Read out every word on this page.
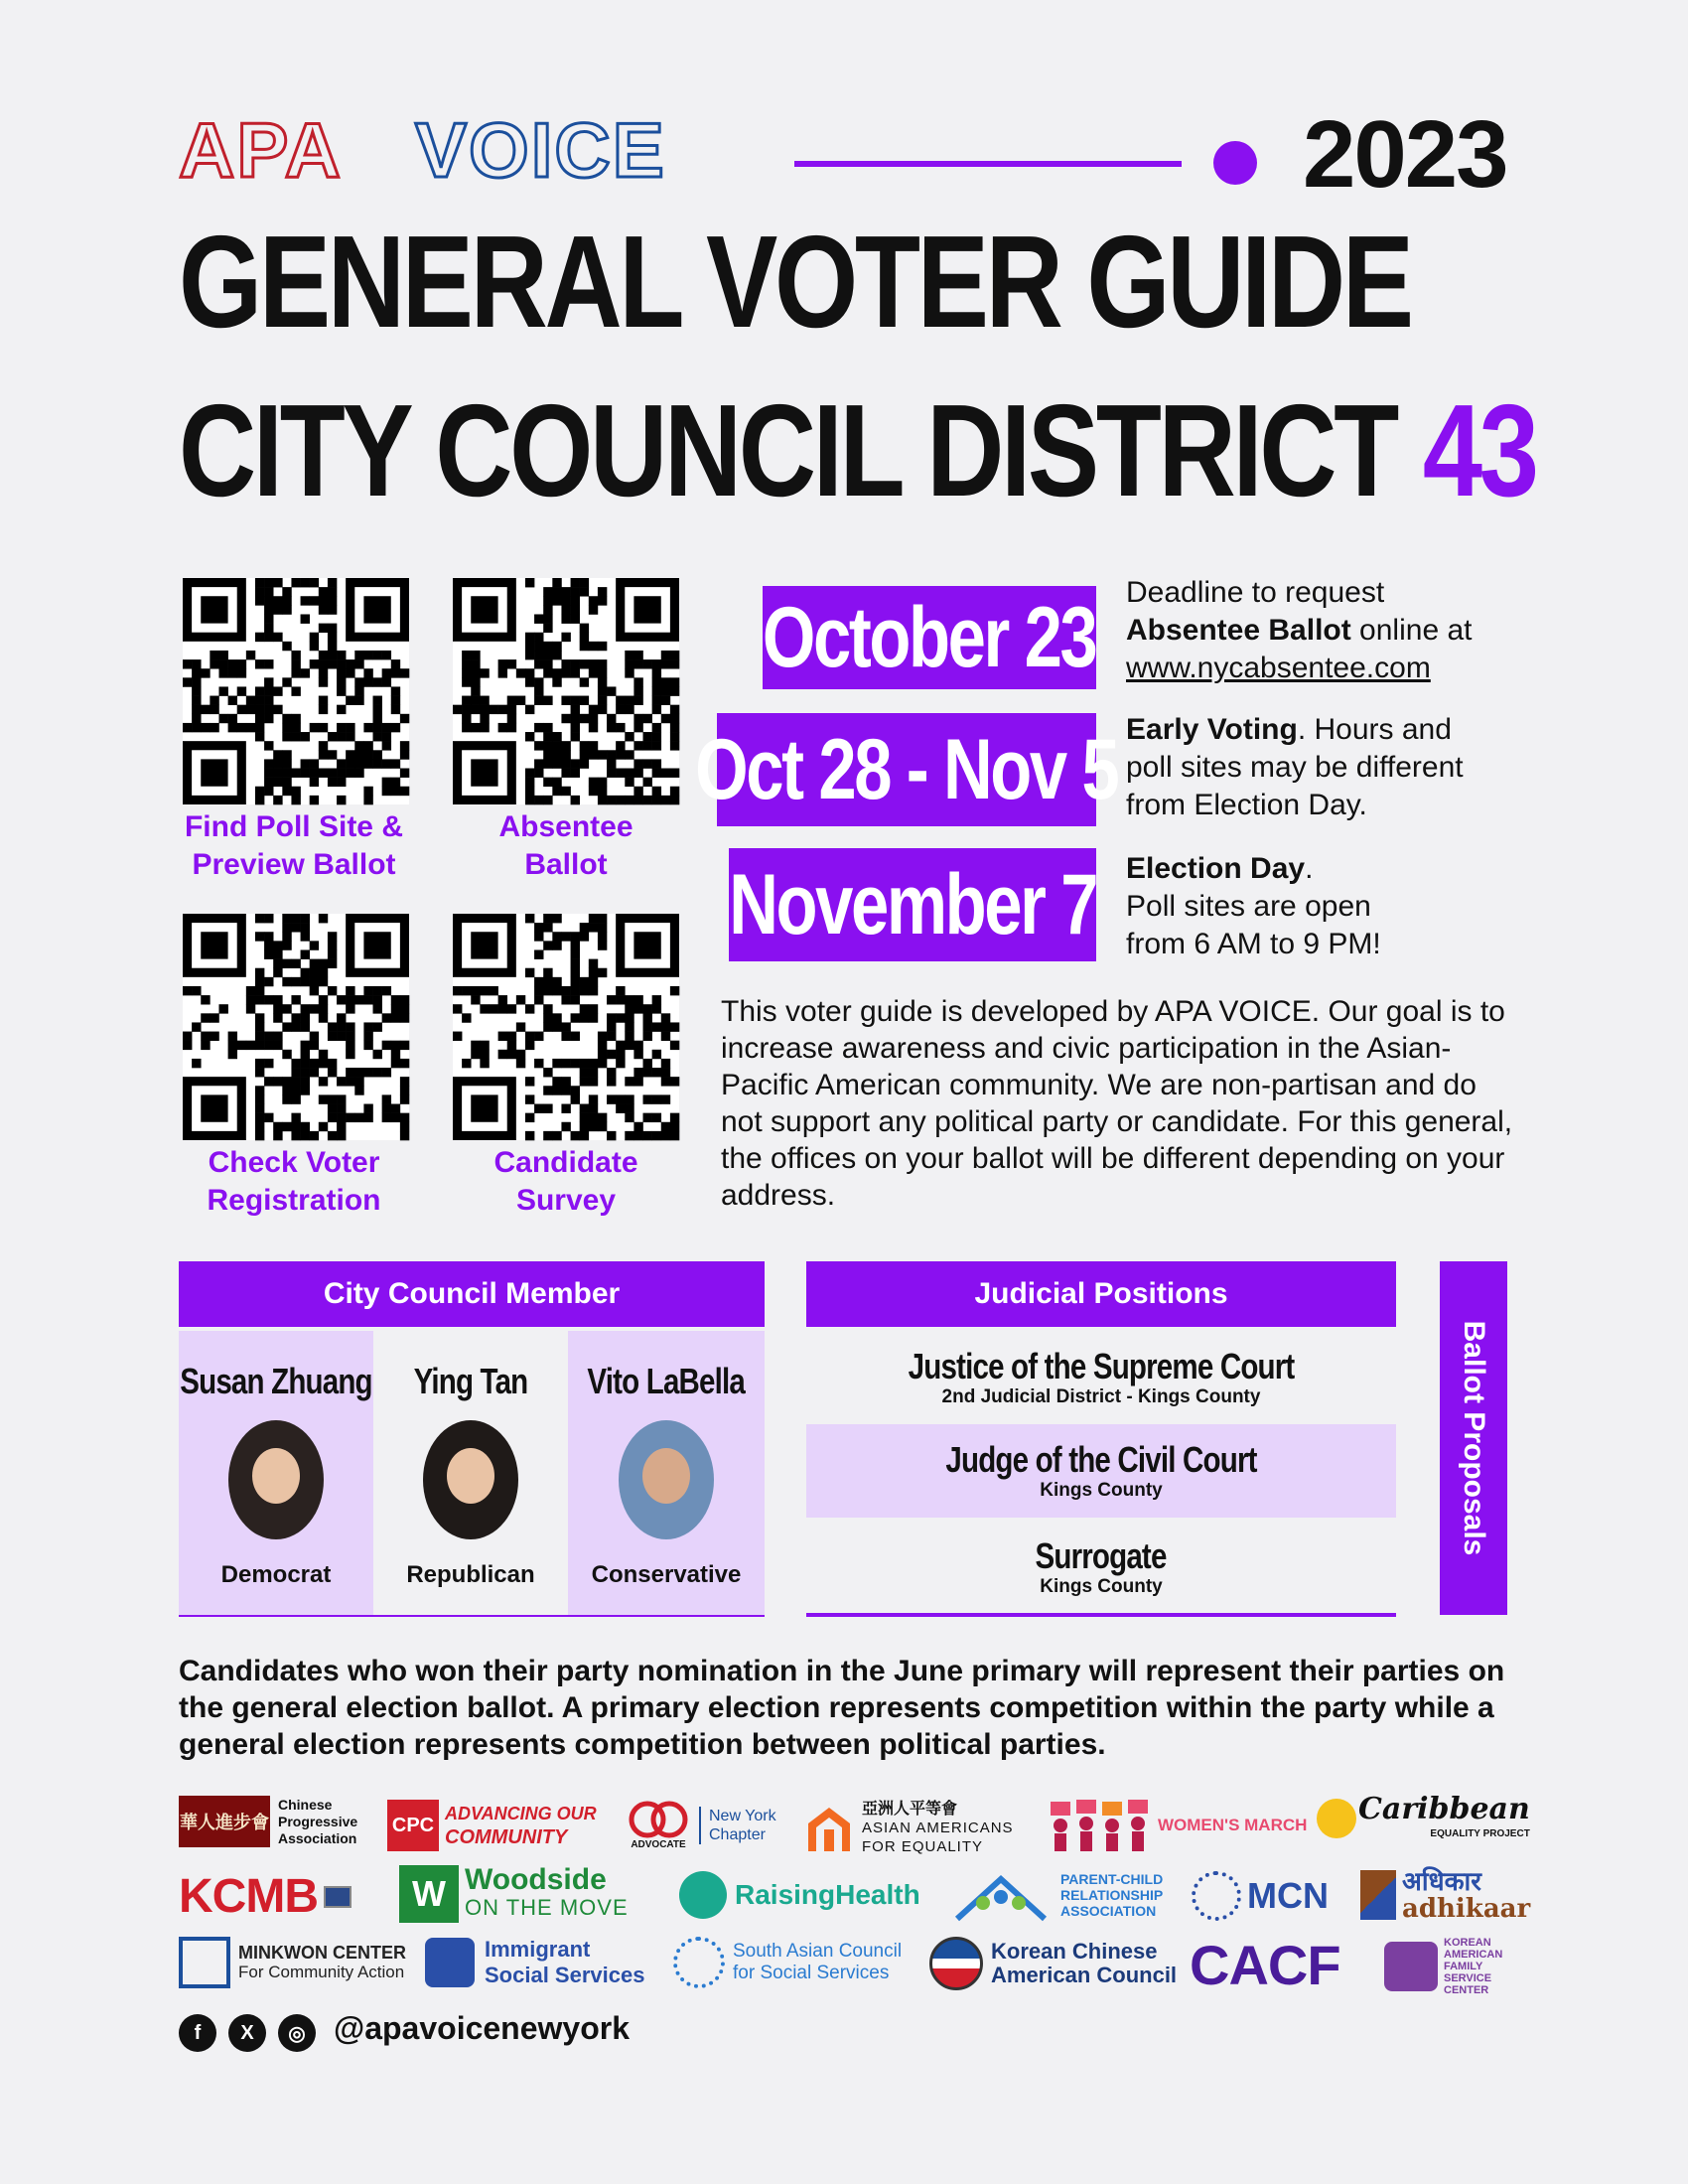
APA VOICE	2023
GENERAL VOTER GUIDE
CITY COUNCIL DISTRICT 43
Find Poll Site &
Preview Ballot
Absentee
Ballot
Check Voter
Registration
Candidate
Survey
October 23 Deadline to request
Absentee Ballot online at
www.nycabsentee.com
Oct 28 - Nov 5 Early Voting. Hours and
poll sites may be different
from Election Day.
November 7 Election Day.
Poll sites are open
from 6 AM to 9 PM!
This voter guide is developed by APA VOICE. Our goal is to increase awareness and civic participation in the Asian-Pacific American community. We are non-partisan and do not support any political party or candidate. For this general, the offices on your ballot will be different depending on your address.
City Council Member
Susan Zhuang
Democrat
Ying Tan
Republican
Vito LaBella
Conservative
Judicial Positions
Justice of the Supreme Court
2nd Judicial District - Kings County
Judge of the Civil Court
Kings County
Surrogate
Kings County
Ballot Proposals
Candidates who won their party nomination in the June primary will represent their parties on the general election ballot. A primary election represents competition within the party while a general election represents competition between political parties.
華人進步會
Chinese Progressive Association
CPC
ADVANCING OUR
COMMUNITY	ADVOCATE
New York Chapter
亞洲人平等會
ASIAN AMERICANS FOR EQUALITY
WOMEN'S MARCH Caribbean
EQUALITY PROJECT
KCMB	W Woodside
ON THE MOVE	RaisingHealth	PARENT-CHILD RELATIONSHIP ASSOCIATION	MCN	अधिकार
adhikaar
MINKWON CENTER
For Community Action
Immigrant
Social Services
South Asian Council
for Social Services
Korean Chinese
American Council CACF	KOREAN AMERICAN FAMILY SERVICE CENTER
f	X	◎ @apavoicenewyork
